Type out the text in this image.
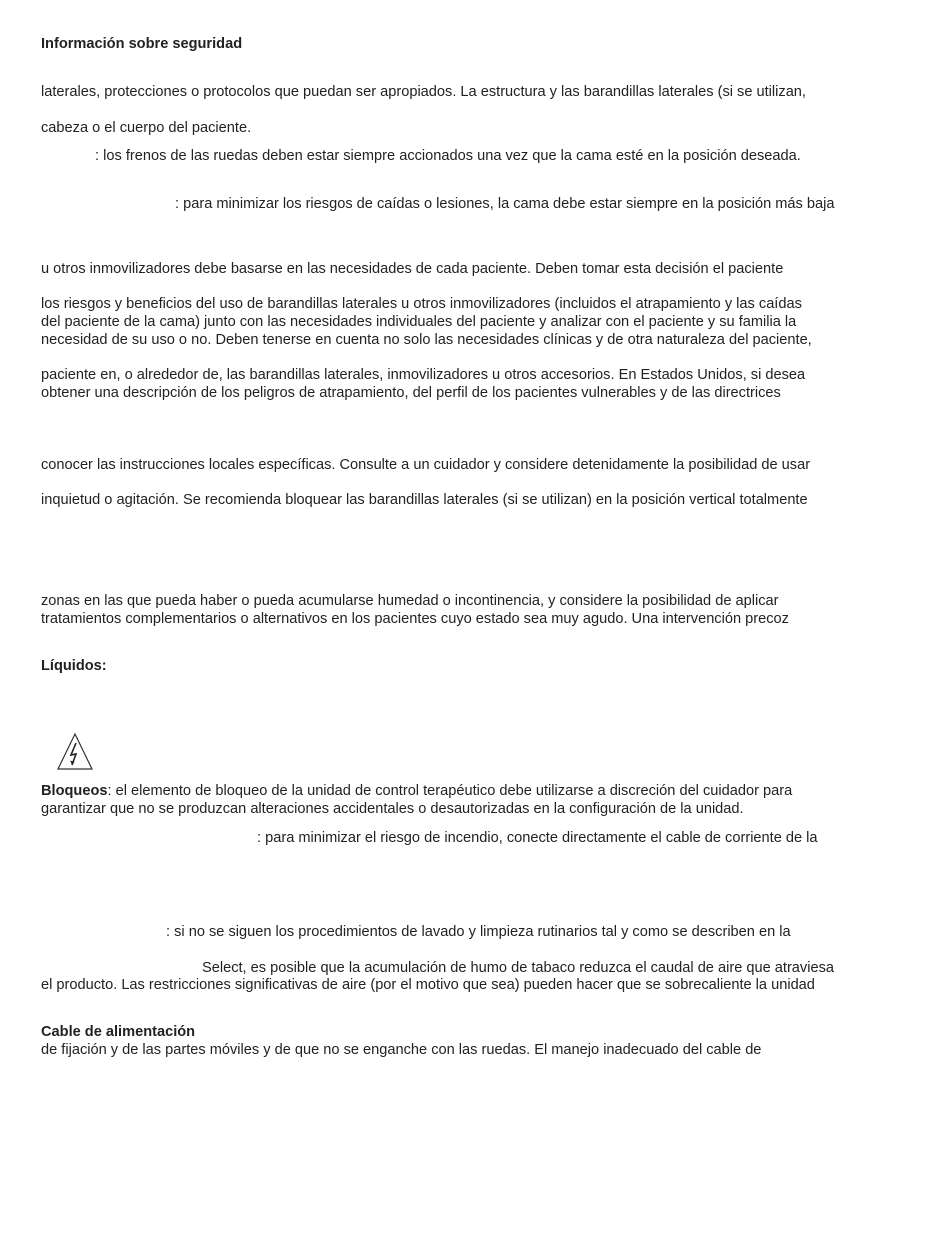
Información sobre seguridad
laterales, protecciones o protocolos que puedan ser apropiados. La estructura y las barandillas laterales (si se utilizan,
cabeza o el cuerpo del paciente.
: los frenos de las ruedas deben estar siempre accionados una vez que la cama esté en la posición deseada.
: para minimizar los riesgos de caídas o lesiones, la cama debe estar siempre en la posición más baja
u otros inmovilizadores debe basarse en las necesidades de cada paciente. Deben tomar esta decisión el paciente
los riesgos y beneficios del uso de barandillas laterales u otros inmovilizadores (incluidos el atrapamiento y las caídas
del paciente de la cama) junto con las necesidades individuales del paciente y analizar con el paciente y su familia la
necesidad de su uso o no. Deben tenerse en cuenta no solo las necesidades clínicas y de otra naturaleza del paciente,
paciente en, o alrededor de, las barandillas laterales, inmovilizadores u otros accesorios. En Estados Unidos, si desea
obtener una descripción de los peligros de atrapamiento, del perfil de los pacientes vulnerables y de las directrices
conocer las instrucciones locales específicas. Consulte a un cuidador y considere detenidamente la posibilidad de usar
inquietud o agitación. Se recomienda bloquear las barandillas laterales (si se utilizan) en la posición vertical totalmente
zonas en las que pueda haber o pueda acumularse humedad o incontinencia, y considere la posibilidad de aplicar
tratamientos complementarios o alternativos en los pacientes cuyo estado sea muy agudo. Una intervención precoz
Líquidos:
Bloqueos: el elemento de bloqueo de la unidad de control terapéutico debe utilizarse a discreción del cuidador para
garantizar que no se produzcan alteraciones accidentales o desautorizadas en la configuración de la unidad.
: para minimizar el riesgo de incendio, conecte directamente el cable de corriente de la
: si no se siguen los procedimientos de lavado y limpieza rutinarios tal y como se describen en la
Select, es posible que la acumulación de humo de tabaco reduzca el caudal de aire que atraviesa
el producto. Las restricciones significativas de aire (por el motivo que sea) pueden hacer que se sobrecaliente la unidad
Cable de alimentación
de fijación y de las partes móviles y de que no se enganche con las ruedas. El manejo inadecuado del cable de
